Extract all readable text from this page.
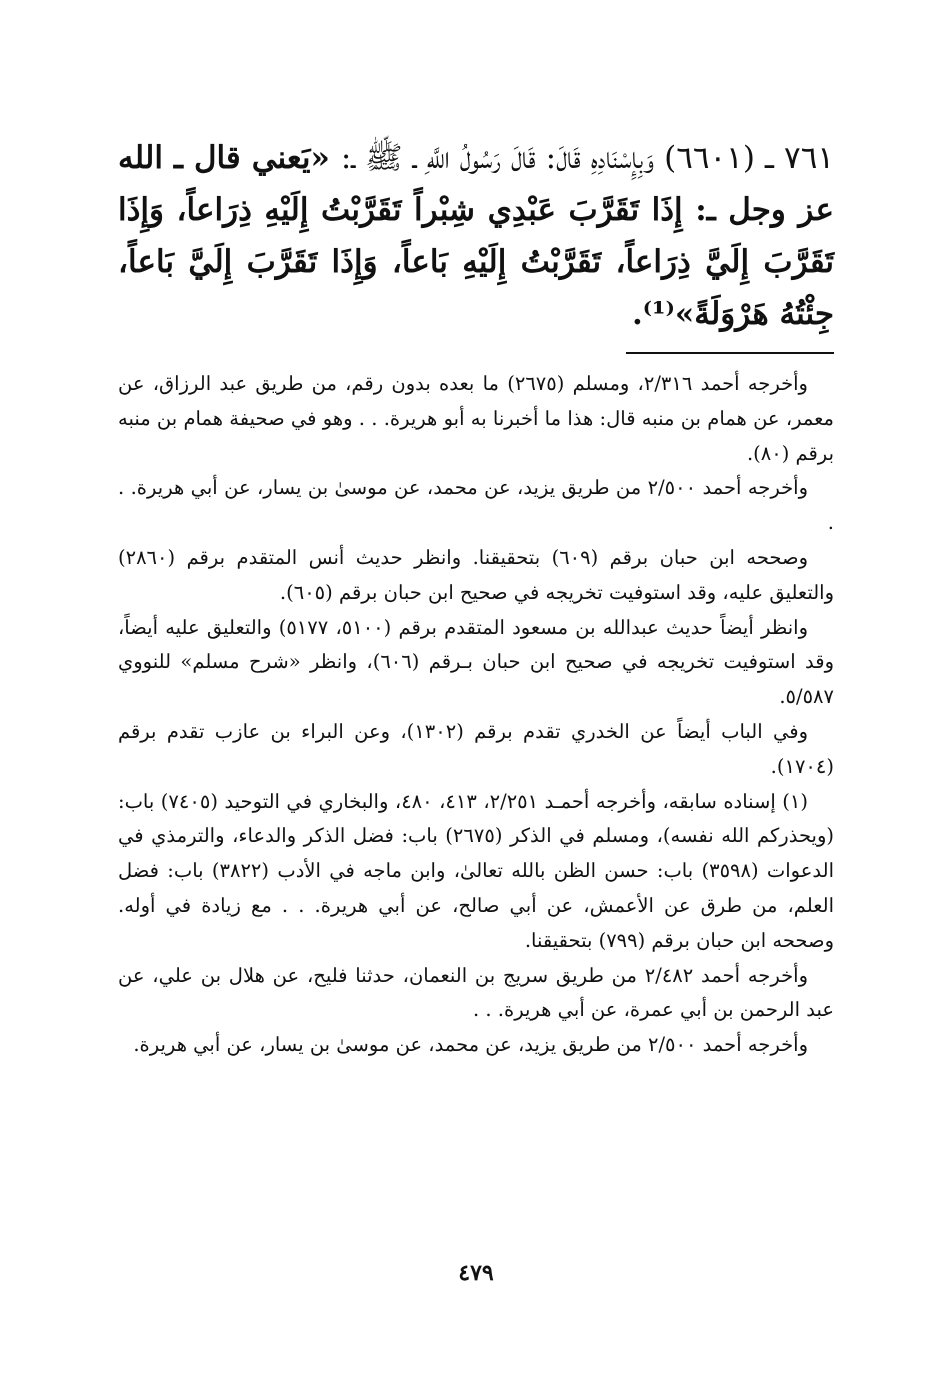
٧٦١ ـ (٦٦٠١) وَبِإِسْنَادِهِ قَالَ: قَالَ رَسُولُ اللَّهِ ـ ﷺ ـ: «يَعني قال ـ الله عز وجل ـ: إِذَا تَقَرَّبَ عَبْدِي شِبْراً تَقَرَّبْتُ إِلَيْهِ ذِرَاعاً، وَإِذَا تَقَرَّبَ إِلَيَّ ذِرَاعاً، تَقَرَّبْتُ إِلَيْهِ بَاعاً، وَإِذَا تَقَرَّبَ إِلَيَّ بَاعاً، جِئْتُهُ هَرْوَلَةً»⁽¹⁾.

وأخرجه أحمد ٢/٣١٦، ومسلم (٢٦٧٥) ما بعده بدون رقم، من طريق عبد الرزاق، عن معمر، عن همام بن منبه قال: هذا ما أخبرنا به أبو هريرة. . . وهو في صحيفة همام بن منبه برقم (٨٠).

وأخرجه أحمد ٢/٥٠٠ من طريق يزيد، عن محمد، عن موسىٰ بن يسار، عن أبي هريرة. . .

وصححه ابن حبان برقم (٦٠٩) بتحقيقنا. وانظر حديث أنس المتقدم برقم (٢٨٦٠) والتعليق عليه، وقد استوفيت تخريجه في صحيح ابن حبان برقم (٦٠٥).

وانظر أيضاً حديث عبدالله بن مسعود المتقدم برقم (٥١٠٠، ٥١٧٧) والتعليق عليه أيضاً، وقد استوفيت تخريجه في صحيح ابن حبان بـرقم (٦٠٦)، وانظر «شرح مسلم» للنووي ٥/٥٨٧.

وفي الباب أيضاً عن الخدري تقدم برقم (١٣٠٢)، وعن البراء بن عازب تقدم برقم (١٧٠٤).

(١) إسناده سابقه، وأخرجه أحمـد ٢/٢٥١، ٤١٣، ٤٨٠، والبخاري في التوحيد (٧٤٠٥) باب: (ويحذركم الله نفسه)، ومسلم في الذكر (٢٦٧٥) باب: فضل الذكر والدعاء، والترمذي في الدعوات (٣٥٩٨) باب: حسن الظن بالله تعالىٰ، وابن ماجه في الأدب (٣٨٢٢) باب: فضل العلم، من طرق عن الأعمش، عن أبي صالح، عن أبي هريرة. . . مع زيادة في أوله. وصححه ابن حبان برقم (٧٩٩) بتحقيقنا.

وأخرجه أحمد ٢/٤٨٢ من طريق سريج بن النعمان، حدثنا فليح، عن هلال بن علي، عن عبد الرحمن بن أبي عمرة، عن أبي هريرة. . .

وأخرجه أحمد ٢/٥٠٠ من طريق يزيد، عن محمد، عن موسىٰ بن يسار، عن أبي هريرة.

٤٧٩
